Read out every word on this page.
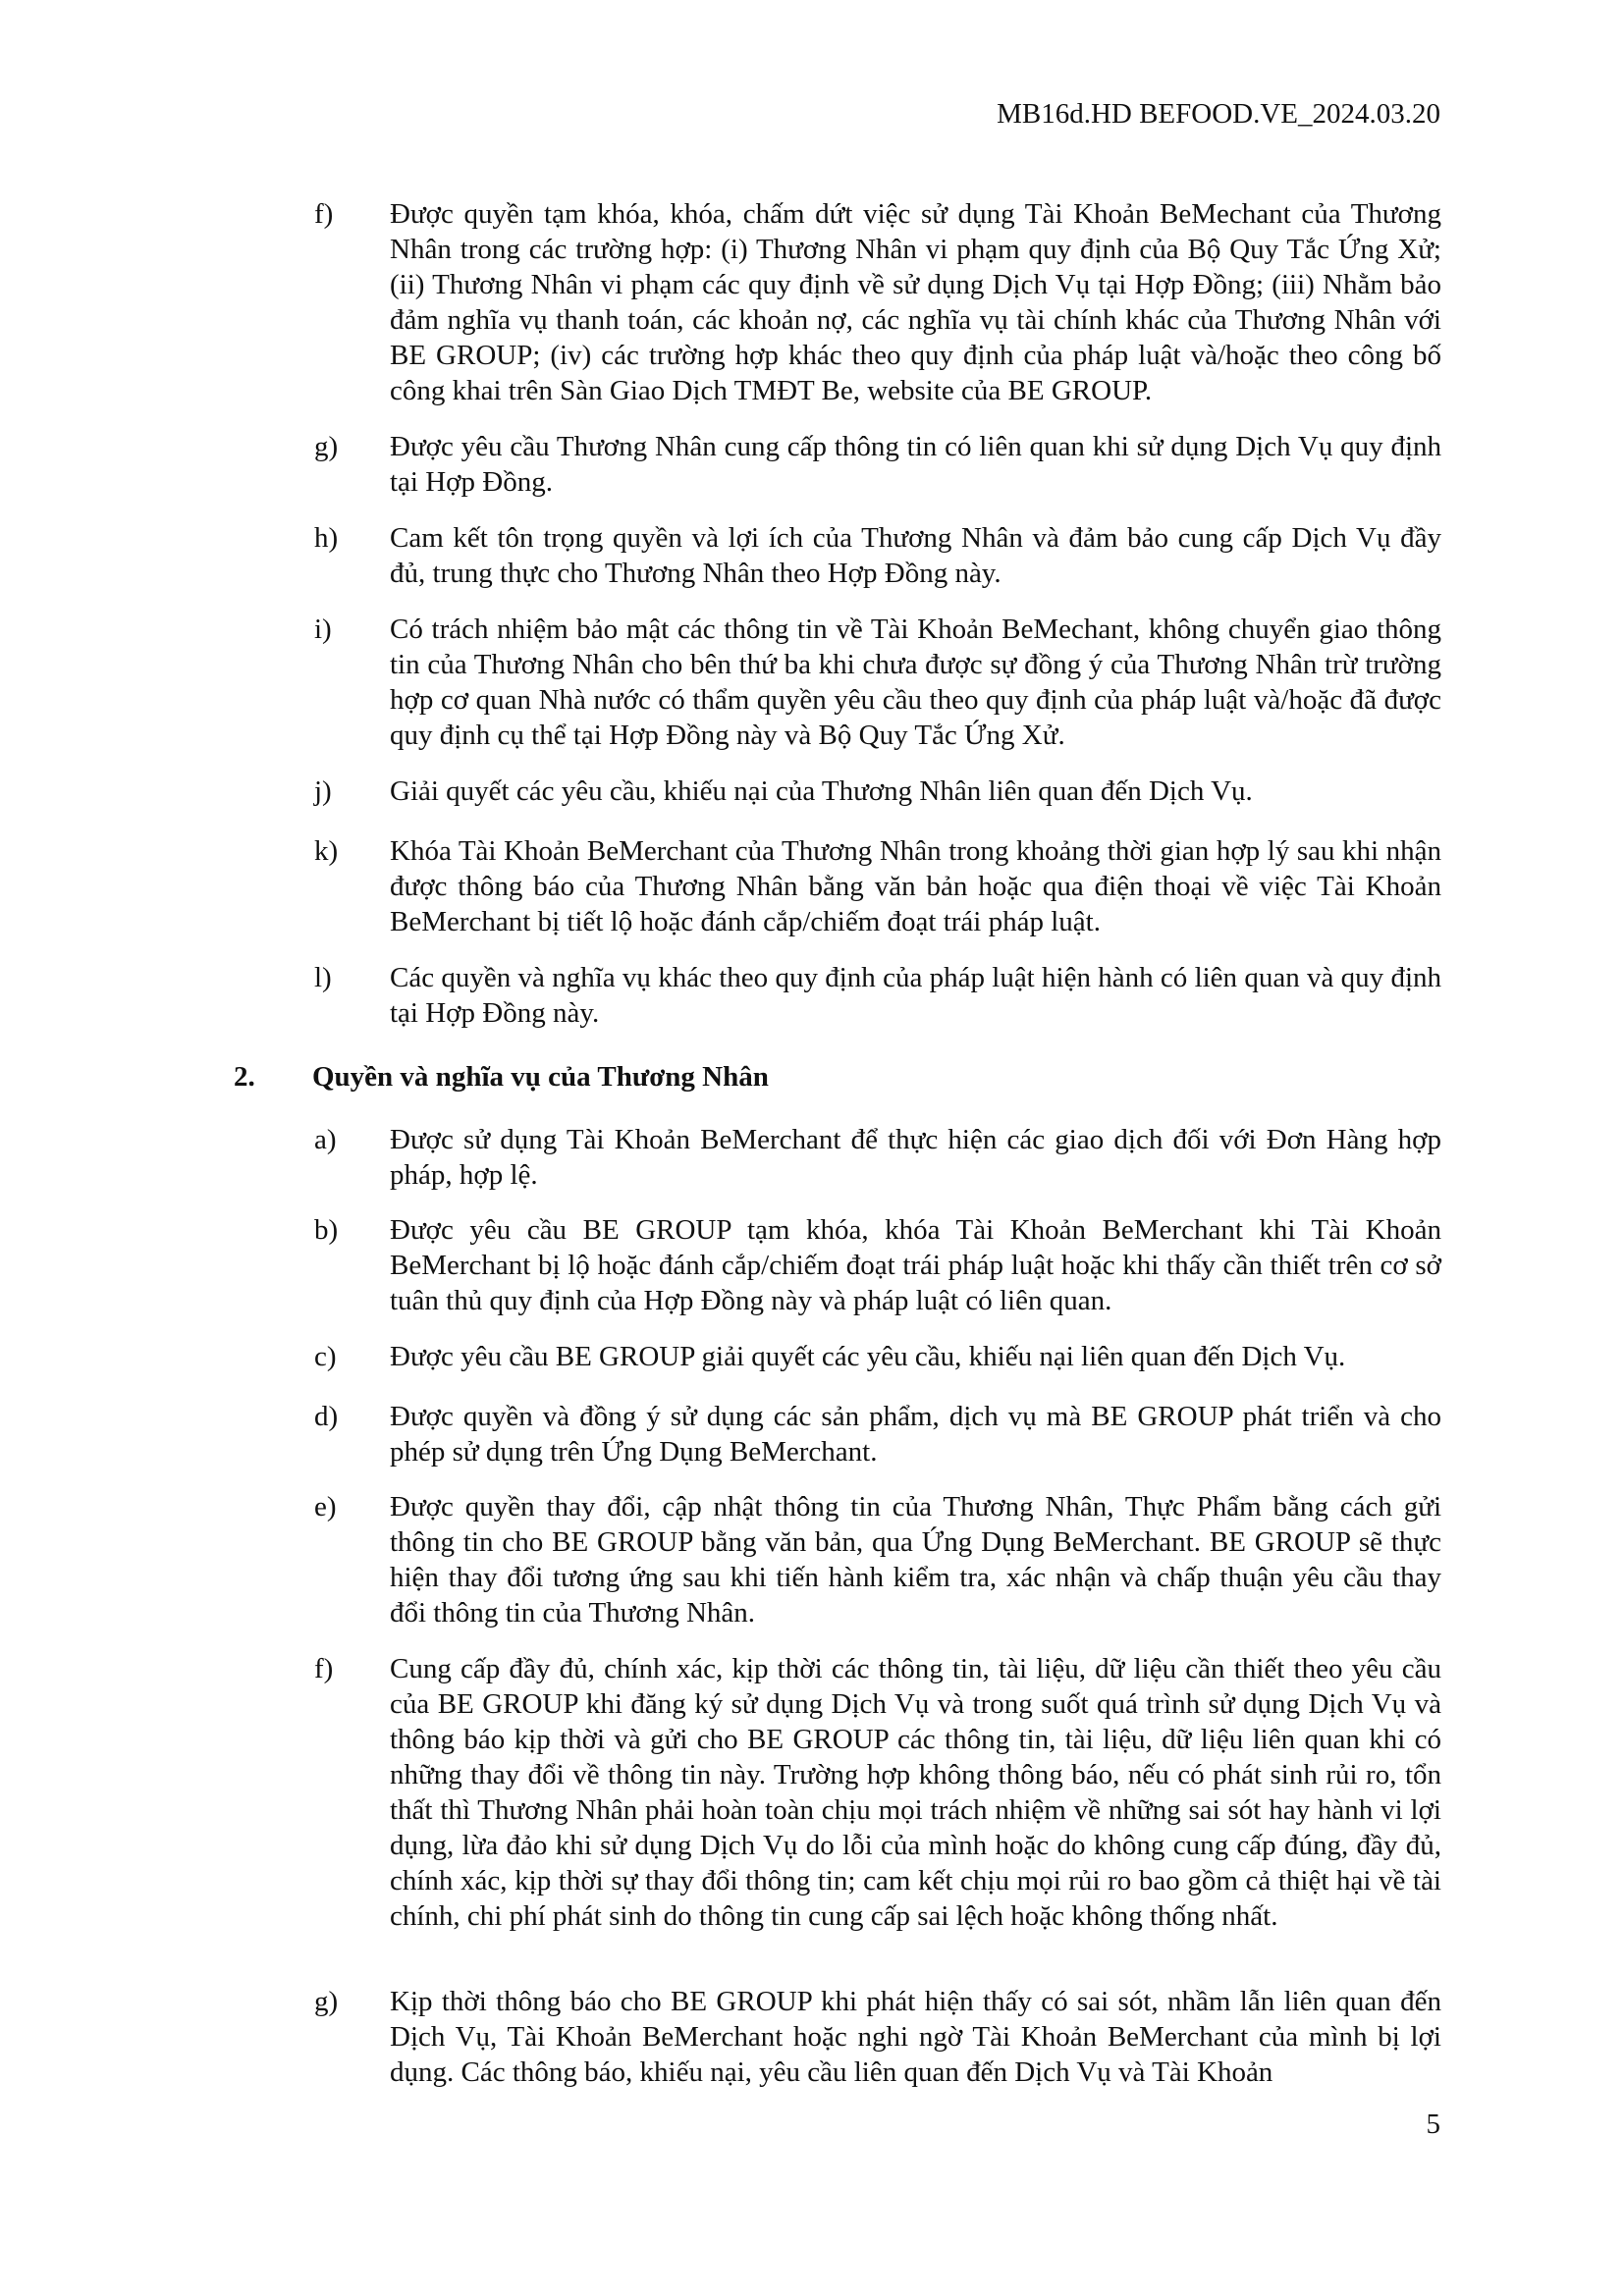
MB16d.HD BEFOOD.VE_2024.03.20
f) Được quyền tạm khóa, khóa, chấm dứt việc sử dụng Tài Khoản BeMechant của Thương Nhân trong các trường hợp: (i) Thương Nhân vi phạm quy định của Bộ Quy Tắc Ứng Xử; (ii) Thương Nhân vi phạm các quy định về sử dụng Dịch Vụ tại Hợp Đồng; (iii) Nhằm bảo đảm nghĩa vụ thanh toán, các khoản nợ, các nghĩa vụ tài chính khác của Thương Nhân với BE GROUP; (iv) các trường hợp khác theo quy định của pháp luật và/hoặc theo công bố công khai trên Sàn Giao Dịch TMĐT Be, website của BE GROUP.
g) Được yêu cầu Thương Nhân cung cấp thông tin có liên quan khi sử dụng Dịch Vụ quy định tại Hợp Đồng.
h) Cam kết tôn trọng quyền và lợi ích của Thương Nhân và đảm bảo cung cấp Dịch Vụ đầy đủ, trung thực cho Thương Nhân theo Hợp Đồng này.
i) Có trách nhiệm bảo mật các thông tin về Tài Khoản BeMechant, không chuyển giao thông tin của Thương Nhân cho bên thứ ba khi chưa được sự đồng ý của Thương Nhân trừ trường hợp cơ quan Nhà nước có thẩm quyền yêu cầu theo quy định của pháp luật và/hoặc đã được quy định cụ thể tại Hợp Đồng này và Bộ Quy Tắc Ứng Xử.
j) Giải quyết các yêu cầu, khiếu nại của Thương Nhân liên quan đến Dịch Vụ.
k) Khóa Tài Khoản BeMerchant của Thương Nhân trong khoảng thời gian hợp lý sau khi nhận được thông báo của Thương Nhân bằng văn bản hoặc qua điện thoại về việc Tài Khoản BeMerchant bị tiết lộ hoặc đánh cắp/chiếm đoạt trái pháp luật.
l) Các quyền và nghĩa vụ khác theo quy định của pháp luật hiện hành có liên quan và quy định tại Hợp Đồng này.
2. Quyền và nghĩa vụ của Thương Nhân
a) Được sử dụng Tài Khoản BeMerchant để thực hiện các giao dịch đối với Đơn Hàng hợp pháp, hợp lệ.
b) Được yêu cầu BE GROUP tạm khóa, khóa Tài Khoản BeMerchant khi Tài Khoản BeMerchant bị lộ hoặc đánh cắp/chiếm đoạt trái pháp luật hoặc khi thấy cần thiết trên cơ sở tuân thủ quy định của Hợp Đồng này và pháp luật có liên quan.
c) Được yêu cầu BE GROUP giải quyết các yêu cầu, khiếu nại liên quan đến Dịch Vụ.
d) Được quyền và đồng ý sử dụng các sản phẩm, dịch vụ mà BE GROUP phát triển và cho phép sử dụng trên Ứng Dụng BeMerchant.
e) Được quyền thay đổi, cập nhật thông tin của Thương Nhân, Thực Phẩm bằng cách gửi thông tin cho BE GROUP bằng văn bản, qua Ứng Dụng BeMerchant. BE GROUP sẽ thực hiện thay đổi tương ứng sau khi tiến hành kiểm tra, xác nhận và chấp thuận yêu cầu thay đổi thông tin của Thương Nhân.
f) Cung cấp đầy đủ, chính xác, kịp thời các thông tin, tài liệu, dữ liệu cần thiết theo yêu cầu của BE GROUP khi đăng ký sử dụng Dịch Vụ và trong suốt quá trình sử dụng Dịch Vụ và thông báo kịp thời và gửi cho BE GROUP các thông tin, tài liệu, dữ liệu liên quan khi có những thay đổi về thông tin này. Trường hợp không thông báo, nếu có phát sinh rủi ro, tổn thất thì Thương Nhân phải hoàn toàn chịu mọi trách nhiệm về những sai sót hay hành vi lợi dụng, lừa đảo khi sử dụng Dịch Vụ do lỗi của mình hoặc do không cung cấp đúng, đầy đủ, chính xác, kịp thời sự thay đổi thông tin; cam kết chịu mọi rủi ro bao gồm cả thiệt hại về tài chính, chi phí phát sinh do thông tin cung cấp sai lệch hoặc không thống nhất.
g) Kịp thời thông báo cho BE GROUP khi phát hiện thấy có sai sót, nhầm lẫn liên quan đến Dịch Vụ, Tài Khoản BeMerchant hoặc nghi ngờ Tài Khoản BeMerchant của mình bị lợi dụng. Các thông báo, khiếu nại, yêu cầu liên quan đến Dịch Vụ và Tài Khoản
5
